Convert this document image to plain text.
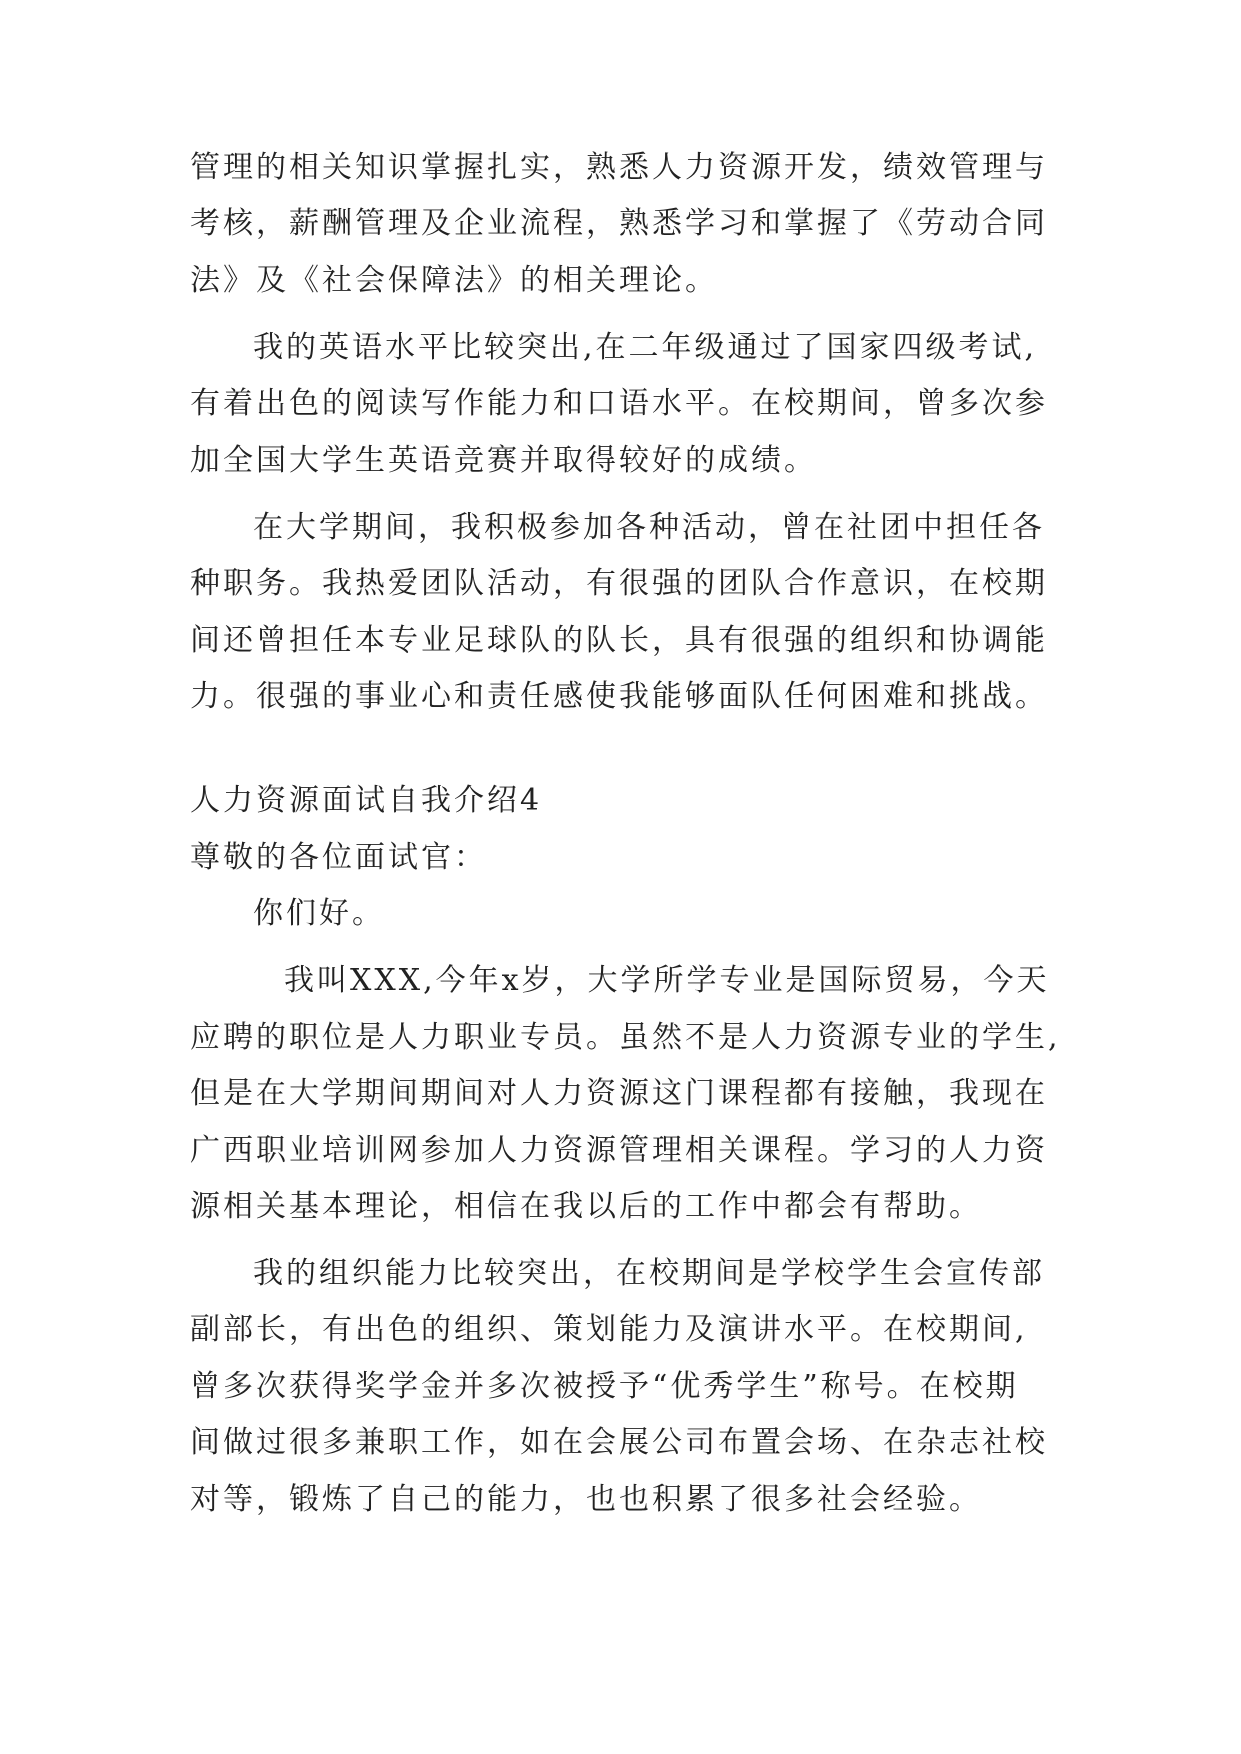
管理的相关知识掌握扎实，熟悉人力资源开发，绩效管理与
考核，薪酬管理及企业流程，熟悉学习和掌握了《劳动合同
法》及《社会保障法》的相关理论。
我的英语水平比较突出,在二年级通过了国家四级考试,
有着出色的阅读写作能力和口语水平。在校期间，曾多次参
加全国大学生英语竞赛并取得较好的成绩。
在大学期间，我积极参加各种活动，曾在社团中担任各
种职务。我热爱团队活动，有很强的团队合作意识，在校期
间还曾担任本专业足球队的队长，具有很强的组织和协调能
力。很强的事业心和责任感使我能够面队任何困难和挑战。
人力资源面试自我介绍4
尊敬的各位面试官：
你们好。
我叫XXX,今年x岁，大学所学专业是国际贸易，今天
应聘的职位是人力职业专员。虽然不是人力资源专业的学生,
但是在大学期间期间对人力资源这门课程都有接触，我现在
广西职业培训网参加人力资源管理相关课程。学习的人力资
源相关基本理论，相信在我以后的工作中都会有帮助。
我的组织能力比较突出，在校期间是学校学生会宣传部
副部长，有出色的组织、策划能力及演讲水平。在校期间,
曾多次获得奖学金并多次被授予“优秀学生”称号。在校期
间做过很多兼职工作，如在会展公司布置会场、在杂志社校
对等，锻炼了自己的能力，也也积累了很多社会经验。
